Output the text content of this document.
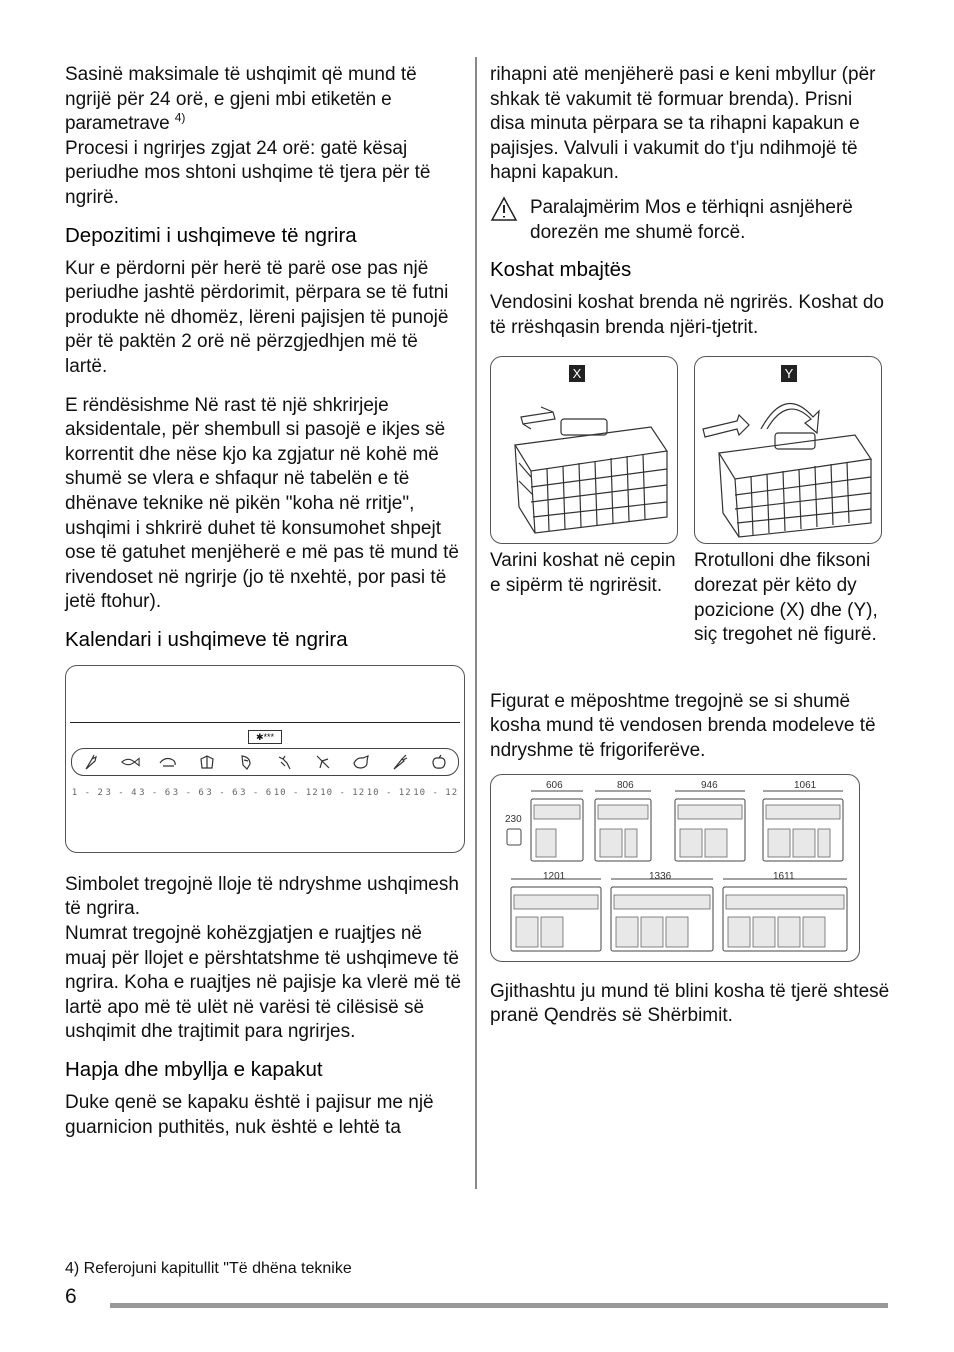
Sasinë maksimale të ushqimit që mund të ngrijë për 24 orë, e gjeni mbi etiketën e parametrave $^{4)}$
Procesi i ngrirjes zgjat 24 orë: gatë kësaj periudhe mos shtoni ushqime të tjera për të ngrirë.

Depozitimi i ushqimeve të ngrira

Kur e përdorni për herë të parë ose pas një periudhe jashtë përdorimit, përpara se të futni produkte në dhomëz, lëreni pajisjen të punojë për të paktën 2 orë në përzgjedhjen më të lartë.

E rëndësishme Në rast të një shkrirjeje aksidentale, për shembull si pasojë e ikjes së korrentit dhe nëse kjo ka zgjatur në kohë më shumë se vlera e shfaqur në tabelën e të dhënave teknike në pikën "koha në rritje", ushqimi i shkrirë duhet të konsumohet shpejt ose të gatuhet menjëherë e më pas të mund të rivendoset në ngrirje (jo të nxehtë, por pasi të jetë ftohur).

Kalendari i ushqimeve të ngrira
✱***
1 - 2 3 - 4 3 - 6 3 - 6 3 - 6 3 - 6 10 - 12 10 - 12 10 - 12 10 - 12

Simbolet tregojnë lloje të ndryshme ushqimesh të ngrira.
Numrat tregojnë kohëzgjatjen e ruajtjes në muaj për llojet e përshtatshme të ushqimeve të ngrira. Koha e ruajtjes në pajisje ka vlerë më të lartë apo më të ulët në varësi të cilësisë së ushqimit dhe trajtimit para ngrirjes.

Hapja dhe mbyllja e kapakut

Duke qenë se kapaku është i pajisur me një guarnicion puthitës, nuk është e lehtë ta

rihapni atë menjëherë pasi e keni mbyllur (për shkak të vakumit të formuar brenda). Prisni disa minuta përpara se ta rihapni kapakun e pajisjes. Valvuli i vakumit do t'ju ndihmojë të hapni kapakun.

Paralajmërim Mos e tërhiqni asnjëherë dorezën me shumë forcë.
Koshat mbajtës

Vendosini koshat brenda në ngrirës. Koshat do të rrëshqasin brenda njëri-tjetrit.

X
Varini koshat në cepin e sipërm të ngrirësit.
Y
Rrotulloni dhe fiksoni dorezat për këto dy pozicione (X) dhe (Y), siç tregohet në figurë.

Figurat e mëposhtme tregojnë se si shumë kosha mund të vendosen brenda modeleve të ndryshme të frigoriferëve.

606	806	946	1061
230
1201	1336	1611

Gjithashtu ju mund të blini kosha të tjerë shtesë pranë Qendrës së Shërbimit.

4) Referojuni kapitullit "Të dhëna teknike
6
